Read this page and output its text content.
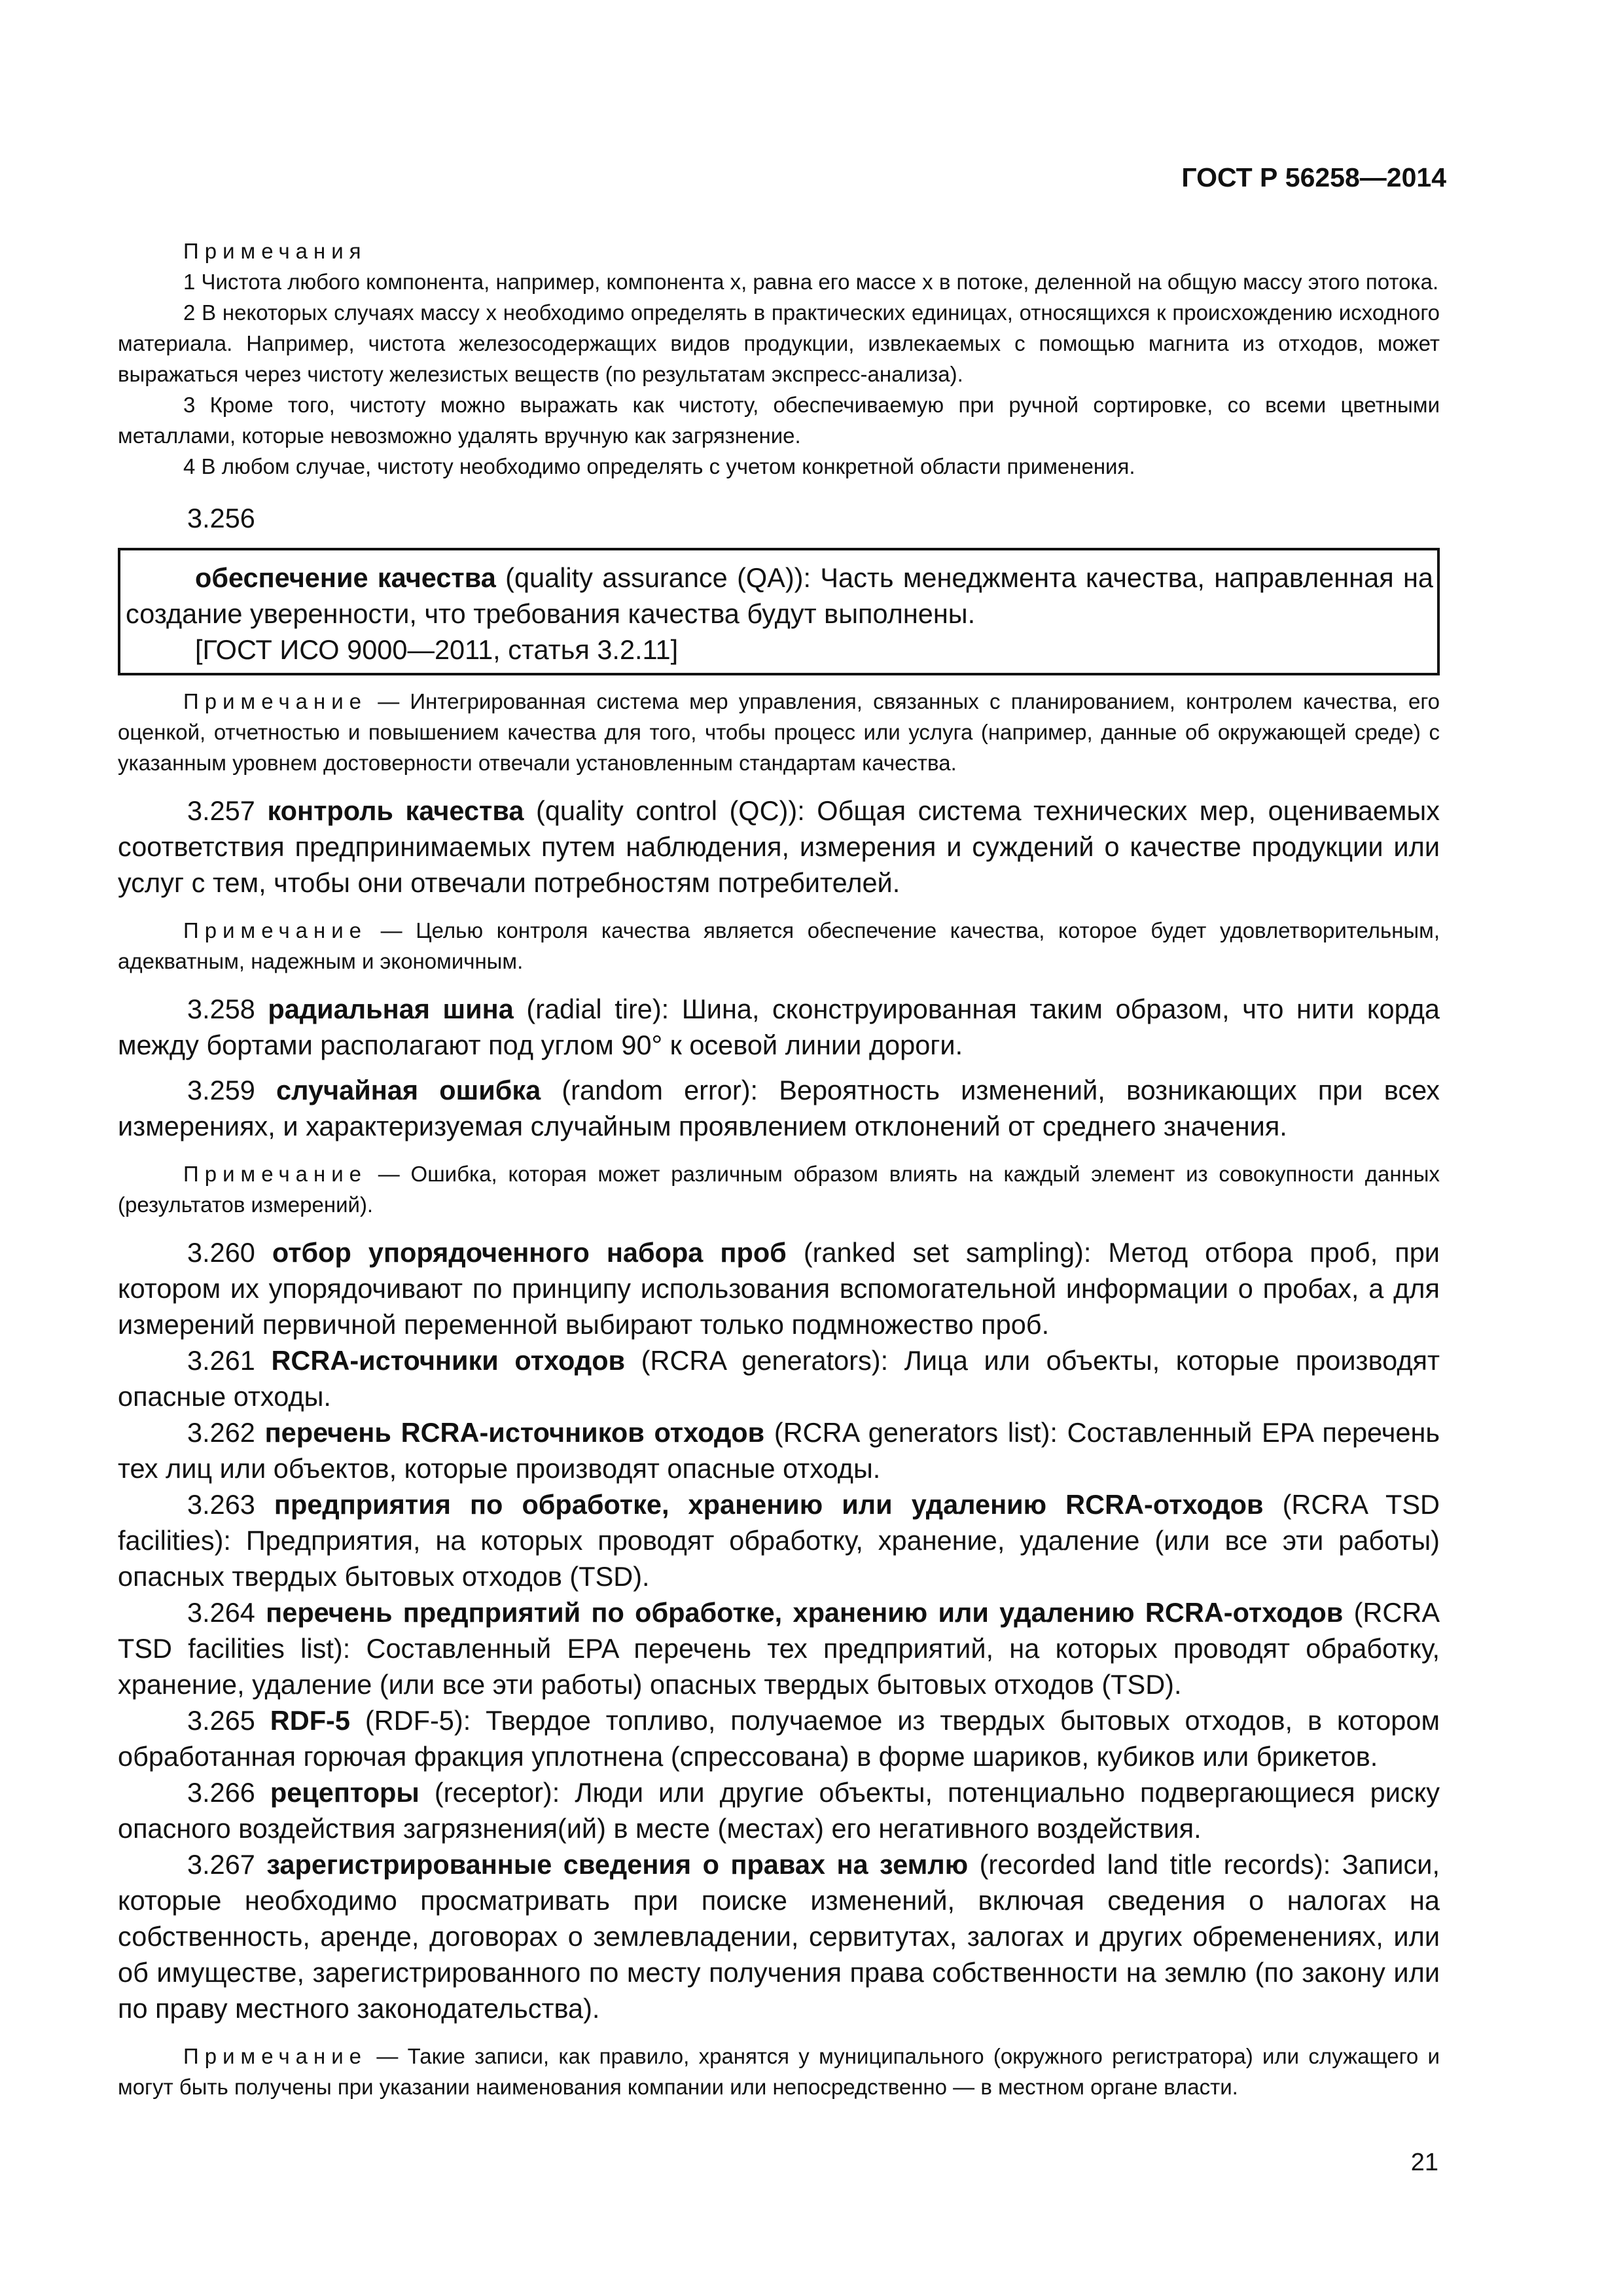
ГОСТ Р 56258—2014

Примечания

1 Чистота любого компонента, например, компонента x, равна его массе x в потоке, деленной на общую массу этого потока.

2 В некоторых случаях массу x необходимо определять в практических единицах, относящихся к происхождению исходного материала. Например, чистота железосодержащих видов продукции, извлекаемых с помощью магнита из отходов, может выражаться через чистоту железистых веществ (по результатам экспресс-анализа).

3 Кроме того, чистоту можно выражать как чистоту, обеспечиваемую при ручной сортировке, со всеми цветными металлами, которые невозможно удалять вручную как загрязнение.

4 В любом случае, чистоту необходимо определять с учетом конкретной области применения.

3.256

обеспечение качества (quality assurance (QA)): Часть менеджмента качества, направленная на создание уверенности, что требования качества будут выполнены.

[ГОСТ ИСО 9000—2011, статья 3.2.11]

Примечание — Интегрированная система мер управления, связанных с планированием, контролем качества, его оценкой, отчетностью и повышением качества для того, чтобы процесс или услуга (например, данные об окружающей среде) с указанным уровнем достоверности отвечали установленным стандартам качества.

3.257 контроль качества (quality control (QC)): Общая система технических мер, оцениваемых соответствия предпринимаемых путем наблюдения, измерения и суждений о качестве продукции или услуг с тем, чтобы они отвечали потребностям потребителей.

Примечание — Целью контроля качества является обеспечение качества, которое будет удовлетворительным, адекватным, надежным и экономичным.

3.258 радиальная шина (radial tire): Шина, сконструированная таким образом, что нити корда между бортами располагают под углом 90° к осевой линии дороги.

3.259 случайная ошибка (random error): Вероятность изменений, возникающих при всех измерениях, и характеризуемая случайным проявлением отклонений от среднего значения.

Примечание — Ошибка, которая может различным образом влиять на каждый элемент из совокупности данных (результатов измерений).

3.260 отбор упорядоченного набора проб (ranked set sampling): Метод отбора проб, при котором их упорядочивают по принципу использования вспомогательной информации о пробах, а для измерений первичной переменной выбирают только подмножество проб.

3.261 RCRA-источники отходов (RCRA generators): Лица или объекты, которые производят опасные отходы.

3.262 перечень RCRA-источников отходов (RCRA generators list): Составленный EPA перечень тех лиц или объектов, которые производят опасные отходы.

3.263 предприятия по обработке, хранению или удалению RCRA-отходов (RCRA TSD facilities): Предприятия, на которых проводят обработку, хранение, удаление (или все эти работы) опасных твердых бытовых отходов (TSD).

3.264 перечень предприятий по обработке, хранению или удалению RCRA-отходов (RCRA TSD facilities list): Составленный EPA перечень тех предприятий, на которых проводят обработку, хранение, удаление (или все эти работы) опасных твердых бытовых отходов (TSD).

3.265 RDF-5 (RDF-5): Твердое топливо, получаемое из твердых бытовых отходов, в котором обработанная горючая фракция уплотнена (спрессована) в форме шариков, кубиков или брикетов.

3.266 рецепторы (receptor): Люди или другие объекты, потенциально подвергающиеся риску опасного воздействия загрязнения(ий) в месте (местах) его негативного воздействия.

3.267 зарегистрированные сведения о правах на землю (recorded land title records): Записи, которые необходимо просматривать при поиске изменений, включая сведения о налогах на собственность, аренде, договорах о землевладении, сервитутах, залогах и других обременениях, или об имуществе, зарегистрированного по месту получения права собственности на землю (по закону или по праву местного законодательства).

Примечание — Такие записи, как правило, хранятся у муниципального (окружного регистратора) или служащего и могут быть получены при указании наименования компании или непосредственно — в местном органе власти.

21
